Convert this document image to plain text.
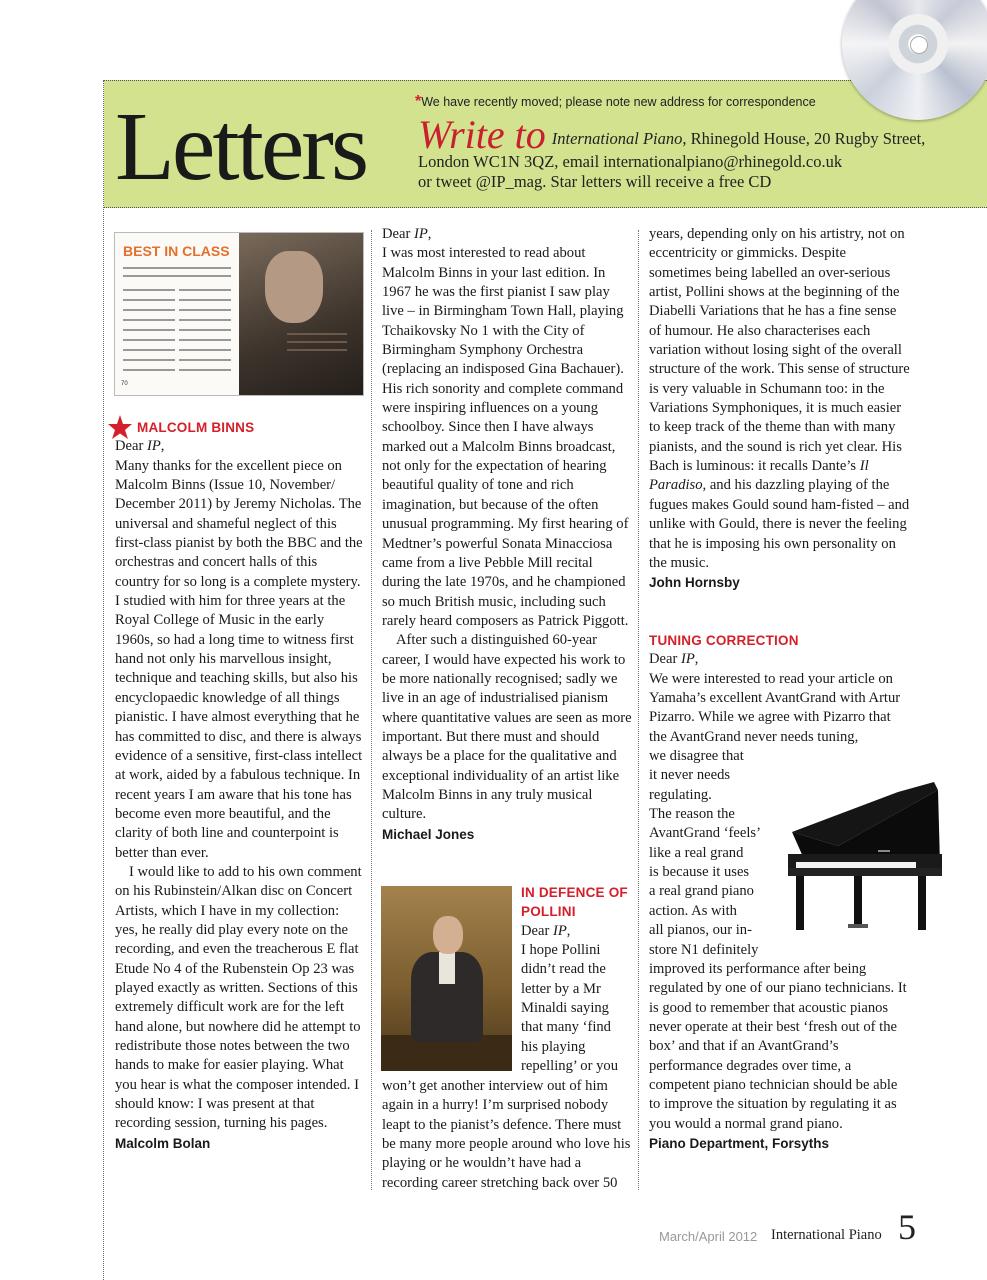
Letters	*We have recently moved; please note new address for correspondence
Write to International Piano, Rhinegold House, 20 Rugby Street,
London WC1N 3QZ, email internationalpiano@rhinegold.co.uk
or tweet @IP_mag. Star letters will receive a free CD
BEST IN CLASS
70

MALCOLM BINNS

Dear IP,

Many thanks for the excellent piece on Malcolm Binns (Issue 10, November/ December 2011) by Jeremy Nicholas. The universal and shameful neglect of this first-class pianist by both the BBC and the orchestras and concert halls of this country for so long is a complete mystery. I studied with him for three years at the Royal College of Music in the early 1960s, so had a long time to witness first hand not only his marvellous insight, technique and teaching skills, but also his encyclopaedic knowledge of all things pianistic. I have almost everything that he has committed to disc, and there is always evidence of a sensitive, first-class intellect at work, aided by a fabulous technique. In recent years I am aware that his tone has become even more beautiful, and the clarity of both line and counterpoint is better than ever.

I would like to add to his own comment on his Rubinstein/Alkan disc on Concert Artists, which I have in my collection: yes, he really did play every note on the recording, and even the treacherous E flat Etude No 4 of the Rubenstein Op 23 was played exactly as written. Sections of this extremely difficult work are for the left hand alone, but nowhere did he attempt to redistribute those notes between the two hands to make for easier playing. What you hear is what the composer intended. I should know: I was present at that recording session, turning his pages.

Malcolm Bolan

Dear IP,

I was most interested to read about Malcolm Binns in your last edition. In 1967 he was the first pianist I saw play live – in Birmingham Town Hall, playing Tchaikovsky No 1 with the City of Birmingham Symphony Orchestra (replacing an indisposed Gina Bachauer). His rich sonority and complete command were inspiring influences on a young schoolboy. Since then I have always marked out a Malcolm Binns broadcast, not only for the expectation of hearing beautiful quality of tone and rich imagination, but because of the often unusual programming. My first hearing of Medtner’s powerful Sonata Minacciosa came from a live Pebble Mill recital during the late 1970s, and he championed so much British music, including such rarely heard composers as Patrick Piggott.

After such a distinguished 60-year career, I would have expected his work to be more nationally recognised; sadly we live in an age of industrialised pianism where quantitative values are seen as more important. But there must and should always be a place for the qualitative and exceptional individuality of an artist like Malcolm Binns in any truly musical culture.

Michael Jones

IN DEFENCE OF

POLLINI

Dear IP,

I hope Pollini

didn’t read the

letter by a Mr

Minaldi saying

that many ‘find

his playing

repelling’ or you

won’t get another interview out of him again in a hurry! I’m surprised nobody leapt to the pianist’s defence. There must be many more people around who love his playing or he wouldn’t have had a recording career stretching back over 50

years, depending only on his artistry, not on eccentricity or gimmicks. Despite sometimes being labelled an over-serious artist, Pollini shows at the beginning of the Diabelli Variations that he has a fine sense of humour. He also characterises each variation without losing sight of the overall structure of the work. This sense of structure is very valuable in Schumann too: in the Variations Symphoniques, it is much easier to keep track of the theme than with many pianists, and the sound is rich yet clear. His Bach is luminous: it recalls Dante’s Il Paradiso, and his dazzling playing of the fugues makes Gould sound ham-fisted – and unlike with Gould, there is never the feeling that he is imposing his own personality on the music.

John Hornsby

TUNING CORRECTION

Dear IP,

We were interested to read your article on Yamaha’s excellent AvantGrand with Artur Pizarro. While we agree with Pizarro that the AvantGrand never needs tuning,

we disagree that

it never needs

regulating.

The reason the

AvantGrand ‘feels’

like a real grand

is because it uses

a real grand piano

action. As with

all pianos, our in-

store N1 definitely

improved its performance after being regulated by one of our piano technicians. It is good to remember that acoustic pianos never operate at their best ‘fresh out of the box’ and that if an AvantGrand’s performance degrades over time, a competent piano technician should be able to improve the situation by regulating it as you would a normal grand piano.

Piano Department, Forsyths

March/April 2012 International Piano 5
